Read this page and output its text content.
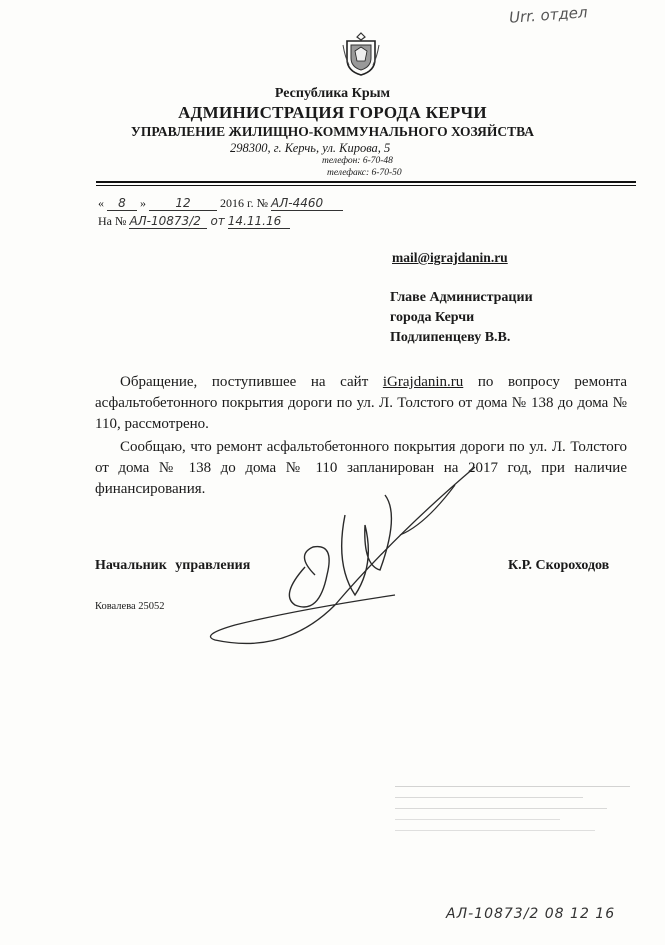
Urr. отдел
Республика Крым
АДМИНИСТРАЦИЯ ГОРОДА КЕРЧИ
УПРАВЛЕНИЕ ЖИЛИЩНО-КОММУНАЛЬНОГО ХОЗЯЙСТВА
298300, г. Керчь, ул. Кирова, 5
телефон: 6-70-48
телефакс: 6-70-50
« 8 » 12 2016 г. № АЛ-4460
На № АЛ-10873/2 от 14.11.16
mail@igrajdanin.ru
Главе Администрации
города Керчи
Подлипенцеву В.В.
Обращение, поступившее на сайт iGrajdanin.ru по вопросу ремонта асфальтобетонного покрытия дороги по ул. Л. Толстого от дома № 138 до дома № 110, рассмотрено.
Сообщаю, что ремонт асфальтобетонного покрытия дороги по ул. Л. Толстого от дома № 138 до дома № 110 запланирован на 2017 год, при наличие финансирования.
Начальник управления	К.Р. Скороходов
Ковалева 25052
АЛ-10873/2 08 12 16
